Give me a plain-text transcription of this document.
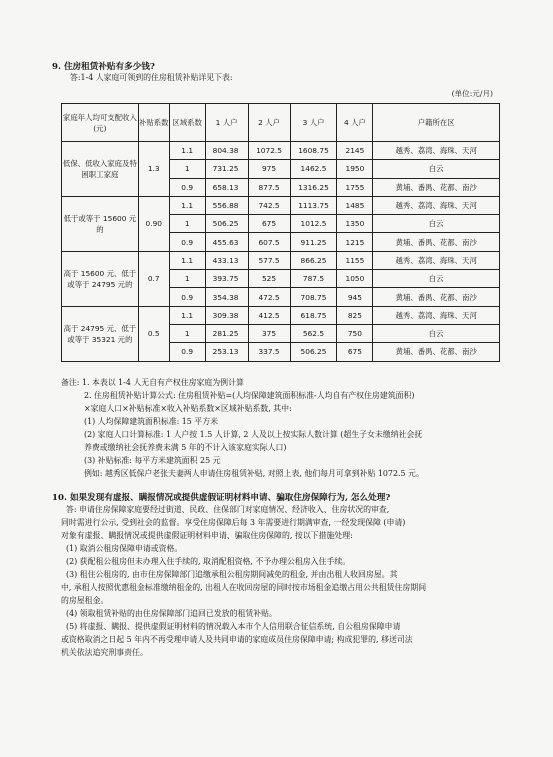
9. 住房租赁补贴有多少钱?
答:1-4 人家庭可领到的住房租赁补贴详见下表:
(单位:元/月)
家庭年人均可支配收入(元)	补贴系数	区域系数	1 人户	2 人户	3 人户	4 人户	户籍所在区
低保、低收入家庭及特困职工家庭	1.3	1.1	804.38	1072.5	1608.75	2145	越秀、荔湾、海珠、天河
		1	731.25	975	1462.5	1950	白云
		0.9	658.13	877.5	1316.25	1755	黄埔、番禺、花都、南沙
低于或等于 15600 元的	0.90	1.1	556.88	742.5	1113.75	1485	越秀、荔湾、海珠、天河
		1	506.25	675	1012.5	1350	白云
		0.9	455.63	607.5	911.25	1215	黄埔、番禺、花都、南沙
高于 15600 元、低于或等于 24795 元的	0.7	1.1	433.13	577.5	866.25	1155	越秀、荔湾、海珠、天河
		1	393.75	525	787.5	1050	白云
		0.9	354.38	472.5	708.75	945	黄埔、番禺、花都、南沙
高于 24795 元、低于或等于 35321 元的	0.5	1.1	309.38	412.5	618.75	825	越秀、荔湾、海珠、天河
		1	281.25	375	562.5	750	白云
		0.9	253.13	337.5	506.25	675	黄埔、番禺、花都、南沙
备注: 1. 本表以 1-4 人无自有产权住房家庭为例计算
2. 住房租赁补贴计算公式: 住房租赁补贴=(人均保障建筑面积标准-人均自有产权住房建筑面积)
×家庭人口×补贴标准×收入补贴系数×区域补贴系数, 其中:
(1) 人均保障建筑面积标准: 15 平方米
(2) 家庭人口计算标准: 1 人户按 1.5 人计算, 2 人及以上按实际人数计算 (超生子女未缴纳社会抚
养费或缴纳社会抚养费未满 5 年的不计入该家庭实际人口)
(3) 补贴标准: 每平方米建筑面积 25 元
例如: 越秀区低保户老张夫妻两人申请住房租赁补贴, 对照上表, 他们每月可拿到补贴 1072.5 元。
10. 如果发现有虚报、瞒报情况或提供虚假证明材料申请、骗取住房保障行为, 怎么处理?
答: 申请住房保障家庭要经过街道、民政、住保部门对家庭情况、经济收入、住房状况的审查,
同时需进行公示, 受到社会的监督。享受住房保障后每 3 年需要进行期满审查, 一经发现保障 (申请)
对象有虚报、瞒报情况或提供虚假证明材料申请、骗取住房保障的, 按以下措施处理:
(1) 取消公租房保障申请或资格。
(2) 获配租公租房但未办理入住手续的, 取消配租资格, 不予办理公租房入住手续。
(3) 租住公租房的, 由市住房保障部门追缴承租公租房期间减免的租金, 并由出租人收回房屋。其
中, 承租人按照优惠租金标准缴纳租金的, 出租人在收回房屋的同时按市场租金追缴占用公共租赁住房期间
的房屋租金。
(4) 领取租赁补贴的由住房保障部门追回已发放的租赁补贴。
(5) 将虚报、瞒报、提供虚假证明材料的情况载入本市个人信用联合征信系统, 自公租房保障申请
或资格取消之日起 5 年内不再受理申请人及共同申请的家庭成员住房保障申请; 构成犯罪的, 移送司法
机关依法追究刑事责任。
